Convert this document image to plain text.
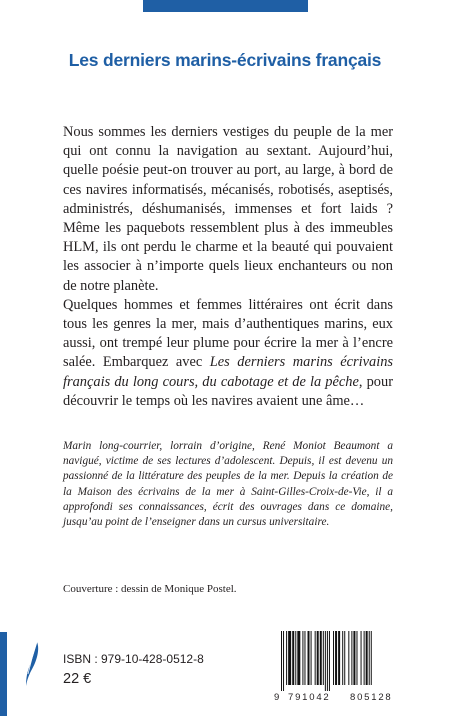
Les derniers marins-écrivains français

Nous sommes les derniers vestiges du peuple de la mer qui ont connu la navigation au sextant. Aujourd’hui, quelle poésie peut-on trouver au port, au large, à bord de ces navires informatisés, mécanisés, robotisés, aseptisés, administrés, déshumanisés, immenses et fort laids ? Même les paquebots ressemblent plus à des immeubles HLM, ils ont perdu le charme et la beauté qui pouvaient les associer à n’importe quels lieux enchanteurs ou non de notre planète.

Quelques hommes et femmes littéraires ont écrit dans tous les genres la mer, mais d’authentiques marins, eux aussi, ont trempé leur plume pour écrire la mer à l’encre salée. Embarquez avec Les derniers marins écrivains français du long cours, du cabotage et de la pêche, pour découvrir le temps où les navires avaient une âme…

Marin long-courrier, lorrain d’origine, René Moniot Beaumont a navigué, victime de ses lectures d’adolescent. Depuis, il est devenu un passionné de la littérature des peuples de la mer. Depuis la création de la Maison des écrivains de la mer à Saint-Gilles-Croix-de-Vie, il a approfondi ses connaissances, écrit des ouvrages dans ce domaine, jusqu’au point de l’enseigner dans un cursus universitaire.
Couverture : dessin de Monique Postel.
ISBN : 979-10-428-0512-8
22 €
9 791042 805128
